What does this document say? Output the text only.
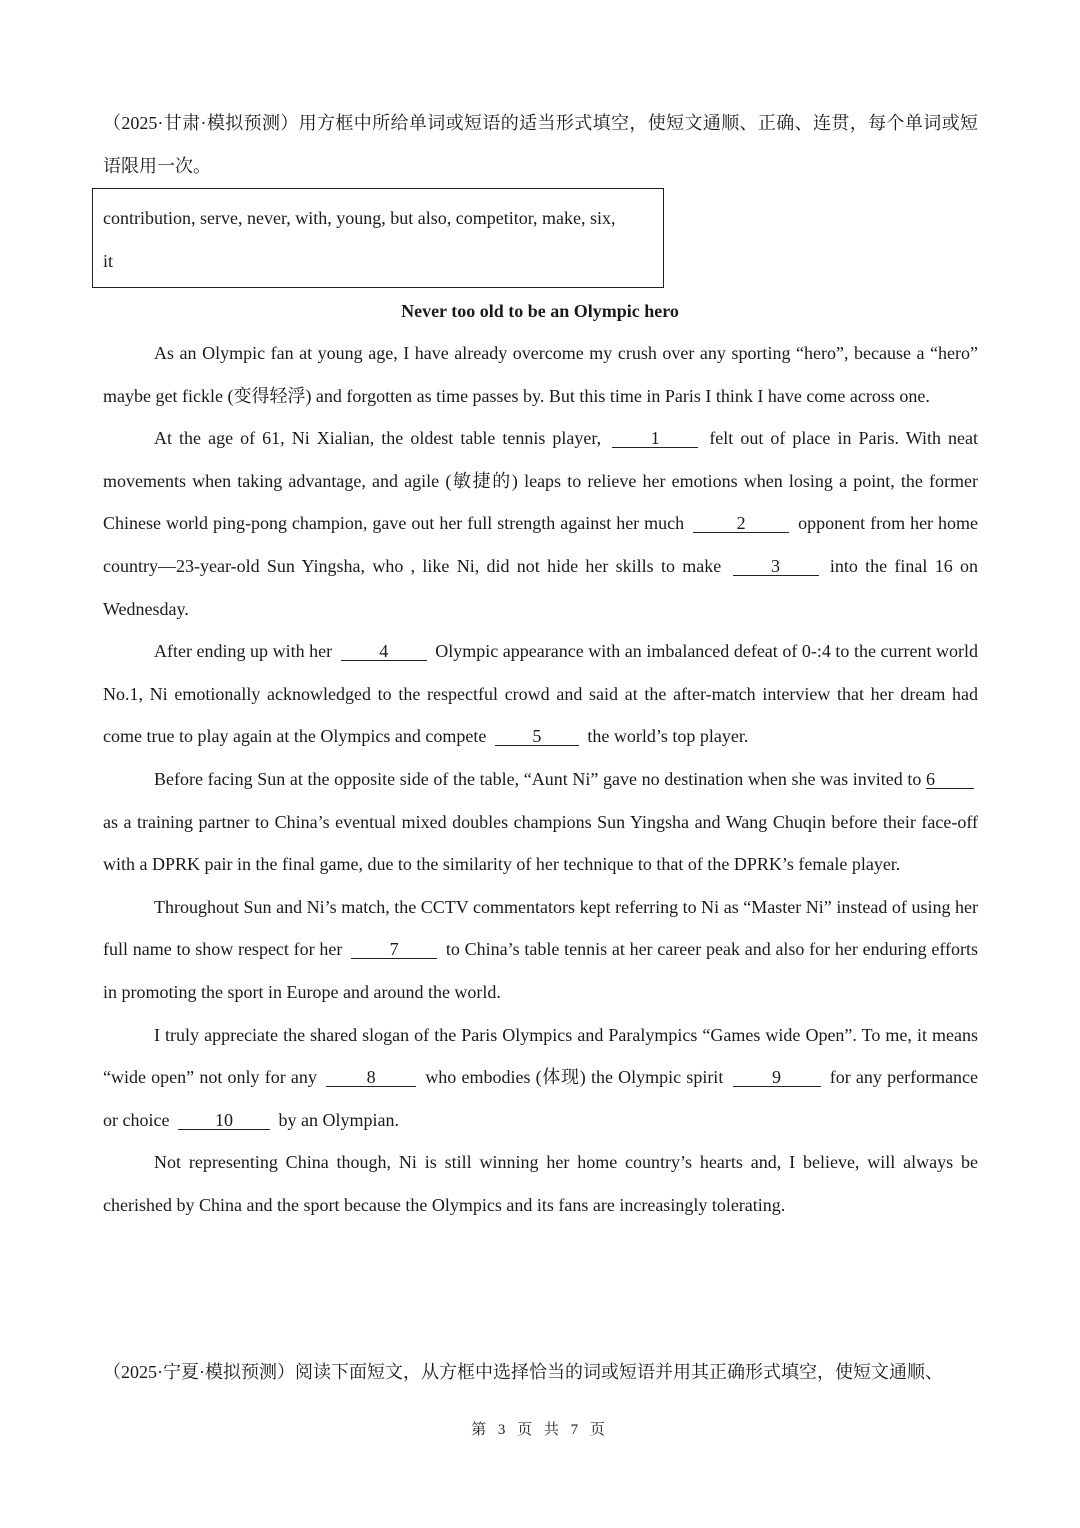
（2025·甘肃·模拟预测）用方框中所给单词或短语的适当形式填空，使短文通顺、正确、连贯，每个单词或短语限用一次。
contribution, serve, never, with, young, but also, competitor, make, six,
it
Never too old to be an Olympic hero

As an Olympic fan at young age, I have already overcome my crush over any sporting “hero”, because a “hero” maybe get fickle (变得轻浮) and forgotten as time passes by. But this time in Paris I think I have come across one.

At the age of 61, Ni Xialian, the oldest table tennis player,	1	felt out of place in Paris. With neat movements when taking advantage, and agile (敏捷的) leaps to relieve her emotions when losing a point, the former Chinese world ping-pong champion, gave out her full strength against her much	2	opponent from her home country—23-year-old Sun Yingsha, who , like Ni, did not hide her skills to make	3	into the final 16 on Wednesday.

After ending up with her	4	Olympic appearance with an imbalanced defeat of 0-:4 to the current world No.1, Ni emotionally acknowledged to the respectful crowd and said at the after-match interview that her dream had come true to play again at the Olympics and compete	5	the world’s top player.

Before facing Sun at the opposite side of the table, “Aunt Ni” gave no destination when she was invited to 6 as a training partner to China’s eventual mixed doubles champions Sun Yingsha and Wang Chuqin before their face-off with a DPRK pair in the final game, due to the similarity of her technique to that of the DPRK’s female player.

Throughout Sun and Ni’s match, the CCTV commentators kept referring to Ni as “Master Ni” instead of using her full name to show respect for her	7	to China’s table tennis at her career peak and also for her enduring efforts in promoting the sport in Europe and around the world.

I truly appreciate the shared slogan of the Paris Olympics and Paralympics “Games wide Open”. To me, it means “wide open” not only for any	8	who embodies (体现) the Olympic spirit	9	for any performance or choice	10	by an Olympian.

Not representing China though, Ni is still winning her home country’s hearts and, I believe, will always be cherished by China and the sport because the Olympics and its fans are increasingly tolerating.

（2025·宁夏·模拟预测）阅读下面短文，从方框中选择恰当的词或短语并用其正确形式填空，使短文通顺、
第 3 页 共 7 页
